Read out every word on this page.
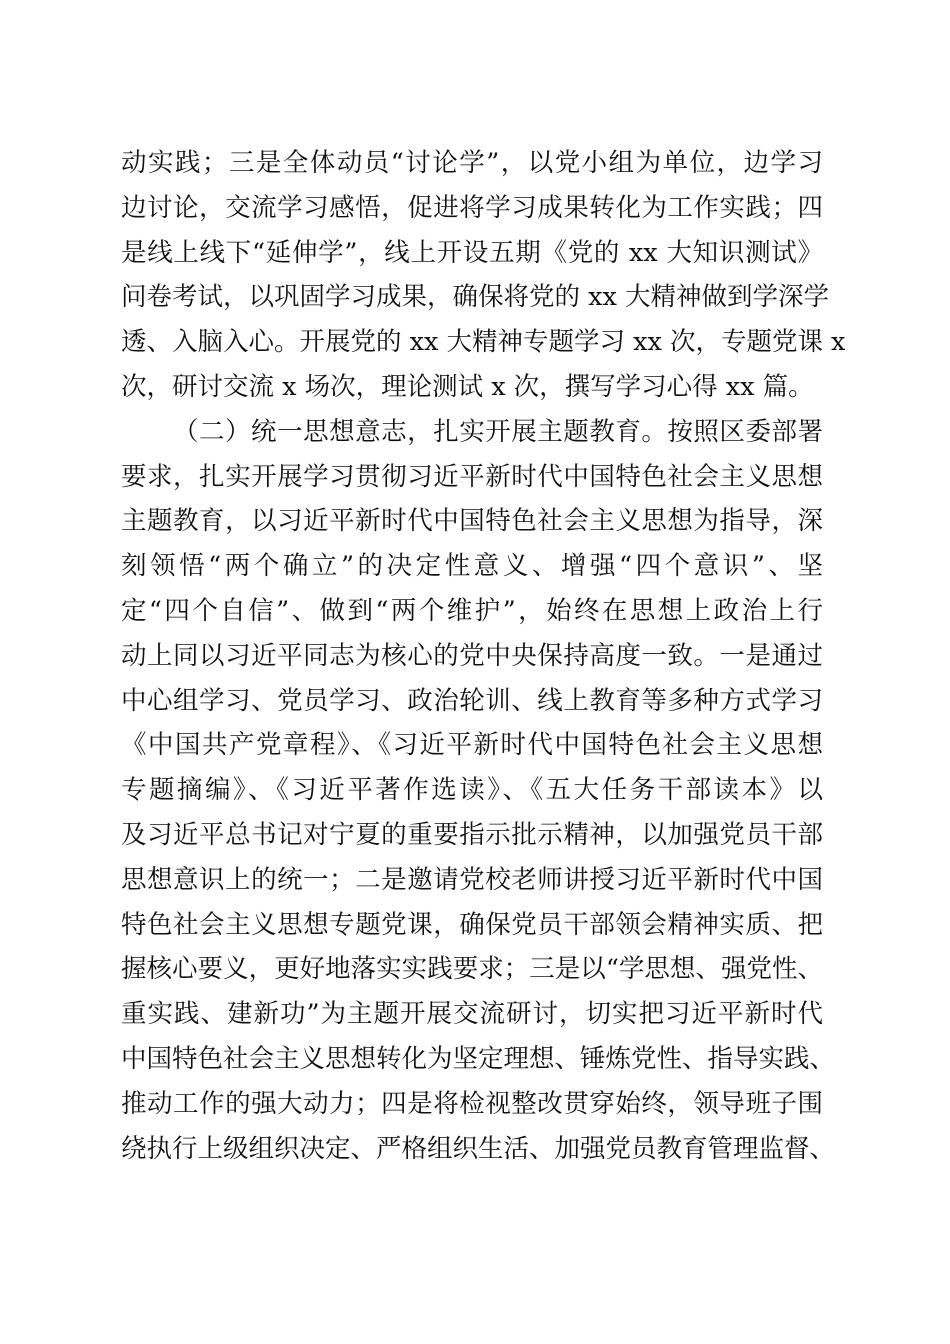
动实践；三是全体动员“讨论学”，以党小组为单位，边学习
边讨论，交流学习感悟，促进将学习成果转化为工作实践；四
是线上线下“延伸学”，线上开设五期《党的 xx 大知识测试》
问卷考试，以巩固学习成果，确保将党的 xx 大精神做到学深学
透、入脑入心。开展党的 xx 大精神专题学习 xx 次，专题党课 x
次，研讨交流 x 场次，理论测试 x 次，撰写学习心得 xx 篇。
（二）统一思想意志，扎实开展主题教育。按照区委部署
要求，扎实开展学习贯彻习近平新时代中国特色社会主义思想
主题教育，以习近平新时代中国特色社会主义思想为指导，深
刻领悟“两个确立”的决定性意义、增强“四个意识”、坚
定“四个自信”、做到“两个维护”，始终在思想上政治上行
动上同以习近平同志为核心的党中央保持高度一致。一是通过
中心组学习、党员学习、政治轮训、线上教育等多种方式学习
《中国共产党章程》、《习近平新时代中国特色社会主义思想
专题摘编》、《习近平著作选读》、《五大任务干部读本》以
及习近平总书记对宁夏的重要指示批示精神，以加强党员干部
思想意识上的统一；二是邀请党校老师讲授习近平新时代中国
特色社会主义思想专题党课，确保党员干部领会精神实质、把
握核心要义，更好地落实实践要求；三是以“学思想、强党性、
重实践、建新功”为主题开展交流研讨，切实把习近平新时代
中国特色社会主义思想转化为坚定理想、锤炼党性、指导实践、
推动工作的强大动力；四是将检视整改贯穿始终，领导班子围
绕执行上级组织决定、严格组织生活、加强党员教育管理监督、
